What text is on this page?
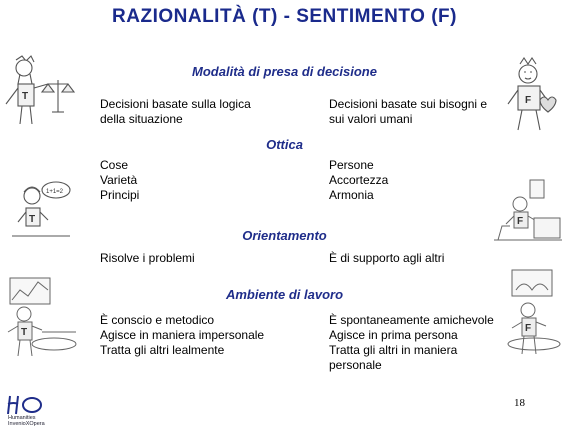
RAZIONALITÀ (T) - SENTIMENTO (F)
Modalità di presa di decisione
Decisioni basate sulla logica
della situazione
Decisioni basate sui bisogni e
sui valori umani
Ottica
Cose
Varietà
Principi
Persone
Accortezza
Armonia
Orientamento
Risolve i problemi	È di supporto agli altri
Ambiente di lavoro
È conscio e metodico
Agisce in maniera impersonale
Tratta gli altri lealmente
È spontaneamente amichevole
Agisce in prima persona
Tratta gli altri in maniera
personale
T
1+1=2
T
T
F
F
F
HO Humanities
InvenioXOpera
18
